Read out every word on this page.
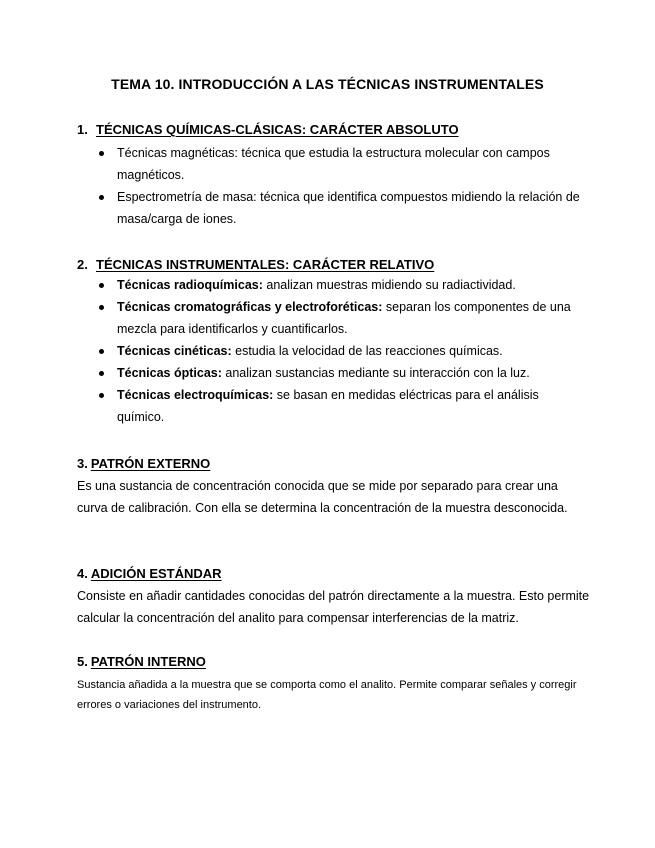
TEMA 10. INTRODUCCIÓN A LAS TÉCNICAS INSTRUMENTALES
1. TÉCNICAS QUÍMICAS-CLÁSICAS: CARÁCTER ABSOLUTO
Técnicas magnéticas: técnica que estudia la estructura molecular con campos magnéticos.
Espectrometría de masa: técnica que identifica compuestos midiendo la relación de masa/carga de iones.
2. TÉCNICAS INSTRUMENTALES: CARÁCTER RELATIVO
Técnicas radioquímicas: analizan muestras midiendo su radiactividad.
Técnicas cromatográficas y electroforéticas: separan los componentes de una mezcla para identificarlos y cuantificarlos.
Técnicas cinéticas: estudia la velocidad de las reacciones químicas.
Técnicas ópticas: analizan sustancias mediante su interacción con la luz.
Técnicas electroquímicas: se basan en medidas eléctricas para el análisis químico.
3. PATRÓN EXTERNO
Es una sustancia de concentración conocida que se mide por separado para crear una curva de calibración. Con ella se determina la concentración de la muestra desconocida.
4. ADICIÓN ESTÁNDAR
Consiste en añadir cantidades conocidas del patrón directamente a la muestra. Esto permite calcular la concentración del analito para compensar interferencias de la matriz.
5. PATRÓN INTERNO
Sustancia añadida a la muestra que se comporta como el analito. Permite comparar señales y corregir errores o variaciones del instrumento.
